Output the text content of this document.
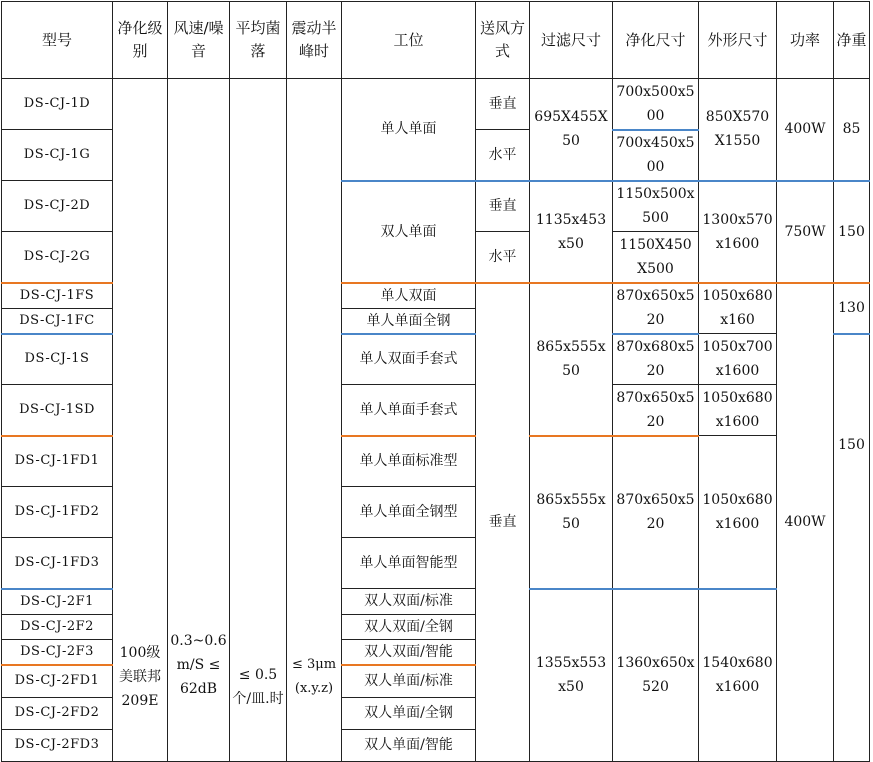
型号	净化级别	风速/噪音	平均菌落	震动半峰时	工位	送风方式	过滤尺寸	净化尺寸	外形尺寸	功率	净重	
DS-CJ-1D	100级 美联邦209E	0.3~0.6m/S ≤ 62dB	≤ 0.5个/皿.时	≤ 3μm(x.y.z)	单人单面	垂直	695X455X50	700x500x500	850X570X1550	400W	85	
DS-CJ-1G						水平		700x450x500				
DS-CJ-2D					双人单面	垂直	1135x453x50	1150x500x500	1300x570x1600	750W	150	
DS-CJ-2G						水平		1150X450X500				
DS-CJ-1FS					单人双面	垂直	865x555x50	870x650x520	1050x680x160	400W	130	
DS-CJ-1FC					单人单面全钢							
DS-CJ-1S					单人双面手套式			870x680x520	1050x700x1600		150	
DS-CJ-1SD					单人单面手套式			870x650x520	1050x680x1600			
DS-CJ-1FD1					单人单面标准型		865x555x50	870x650x520	1050x680x1600			
DS-CJ-1FD2					单人单面全钢型							
DS-CJ-1FD3					单人单面智能型							
DS-CJ-2F1					双人双面/标准		1355x553x50	1360x650x520	1540x680x1600			
DS-CJ-2F2					双人双面/全钢							
DS-CJ-2F3					双人双面/智能							
DS-CJ-2FD1					双人单面/标准		
DS-CJ-2FD2					双人单面/全钢							
DS-CJ-2FD3					双人单面/智能							
